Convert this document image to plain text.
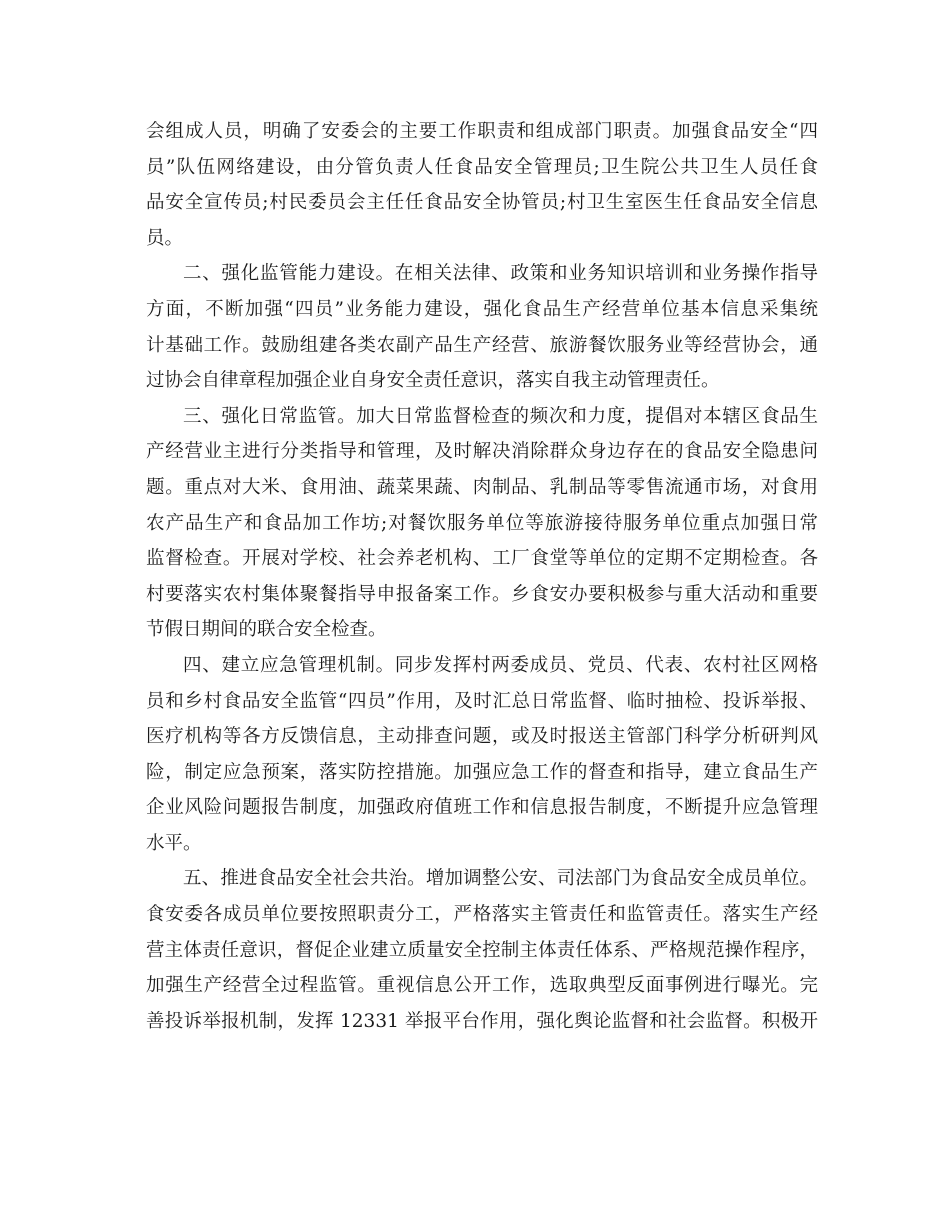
会组成人员，明确了安委会的主要工作职责和组成部门职责。加强食品安全“四
员”队伍网络建设，由分管负责人任食品安全管理员;卫生院公共卫生人员任食
品安全宣传员;村民委员会主任任食品安全协管员;村卫生室医生任食品安全信息
员。
二、强化监管能力建设。在相关法律、政策和业务知识培训和业务操作指导
方面，不断加强“四员”业务能力建设，强化食品生产经营单位基本信息采集统
计基础工作。鼓励组建各类农副产品生产经营、旅游餐饮服务业等经营协会，通
过协会自律章程加强企业自身安全责任意识，落实自我主动管理责任。
三、强化日常监管。加大日常监督检查的频次和力度，提倡对本辖区食品生
产经营业主进行分类指导和管理，及时解决消除群众身边存在的食品安全隐患问
题。重点对大米、食用油、蔬菜果蔬、肉制品、乳制品等零售流通市场，对食用
农产品生产和食品加工作坊;对餐饮服务单位等旅游接待服务单位重点加强日常
监督检查。开展对学校、社会养老机构、工厂食堂等单位的定期不定期检查。各
村要落实农村集体聚餐指导申报备案工作。乡食安办要积极参与重大活动和重要
节假日期间的联合安全检查。
四、建立应急管理机制。同步发挥村两委成员、党员、代表、农村社区网格
员和乡村食品安全监管“四员”作用，及时汇总日常监督、临时抽检、投诉举报、
医疗机构等各方反馈信息，主动排查问题，或及时报送主管部门科学分析研判风
险，制定应急预案，落实防控措施。加强应急工作的督查和指导，建立食品生产
企业风险问题报告制度，加强政府值班工作和信息报告制度，不断提升应急管理
水平。
五、推进食品安全社会共治。增加调整公安、司法部门为食品安全成员单位。
食安委各成员单位要按照职责分工，严格落实主管责任和监管责任。落实生产经
营主体责任意识，督促企业建立质量安全控制主体责任体系、严格规范操作程序，
加强生产经营全过程监管。重视信息公开工作，选取典型反面事例进行曝光。完
善投诉举报机制，发挥 12331 举报平台作用，强化舆论监督和社会监督。积极开
